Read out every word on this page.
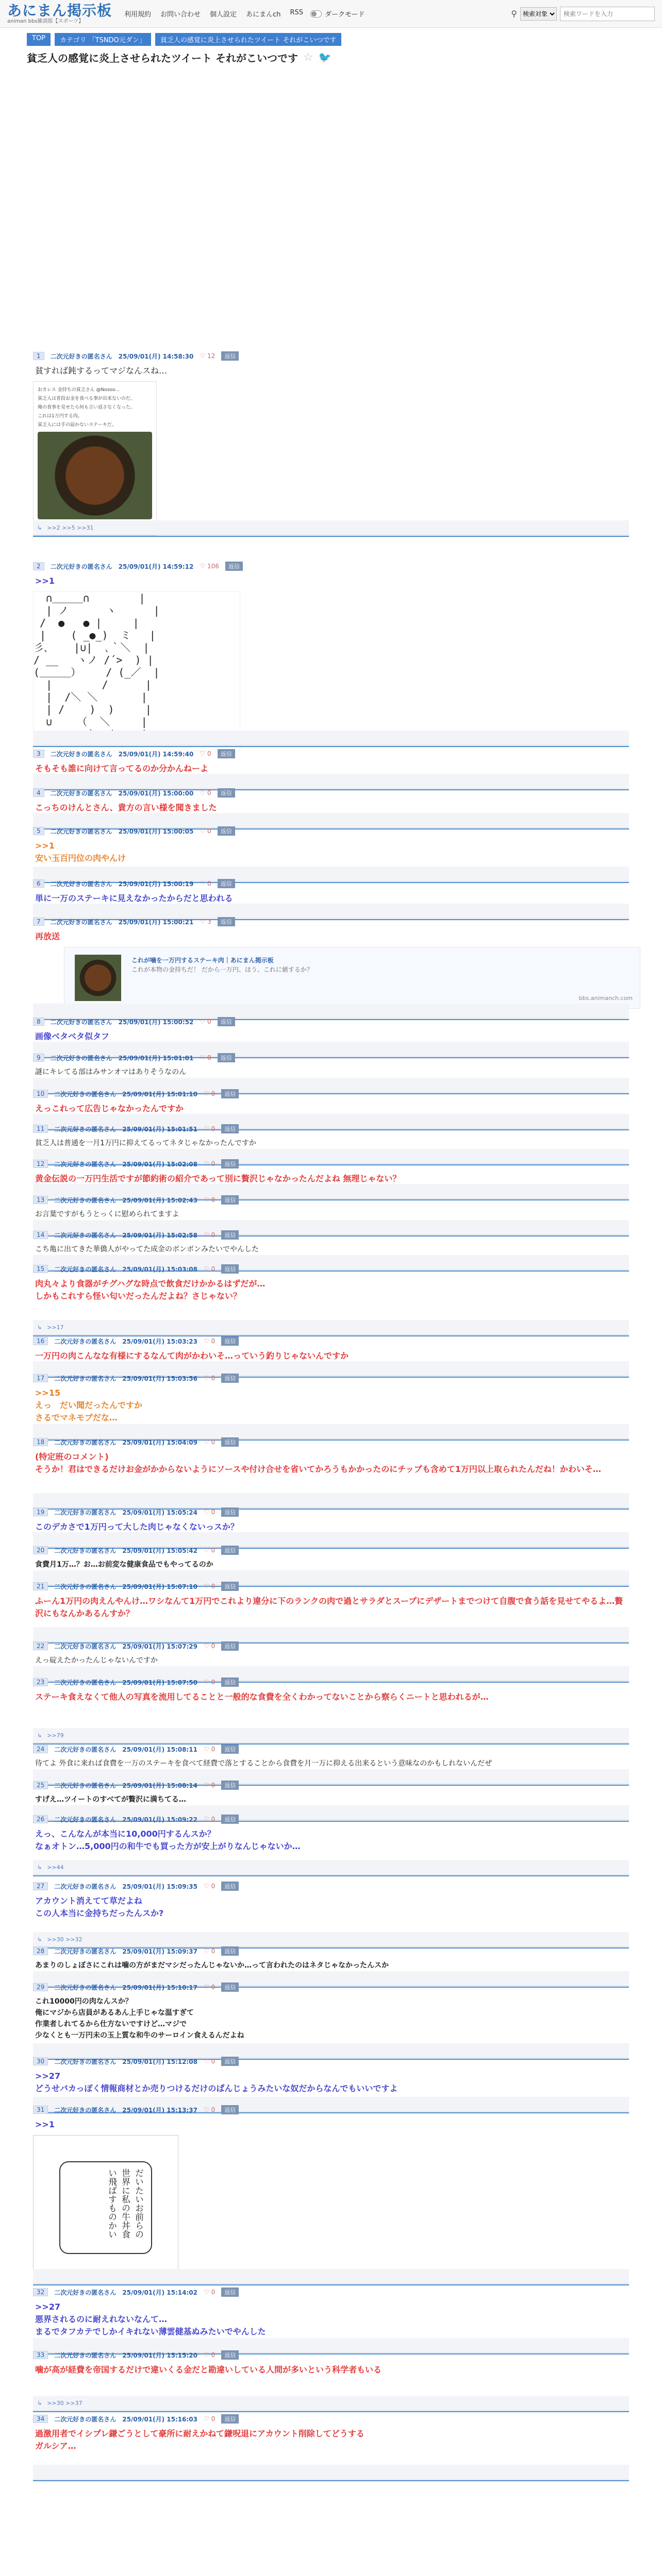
あにまん掲示板
animan bbs雑談版【スポーツ】
利用規約 お問い合わせ 個人設定 あにまんch RSS	ダークモード	⚲
検索対象
検索ワードを入力
TOP	カテゴリ 「TSNDO元ダン」	貧乏人の感覚に炎上させられたツイート それがこいつです
貧乏人の感覚に炎上させられたツイート それがこいつです ☆ 🐦
1	二次元好きの匿名さん 25/09/01(月) 14:58:30 ♡ 12	返信
貧すれば鈍するってマジなんスね…
おカレス 金持ちの貧乏さん @Nosoo...
貧乏人は普段お金を食べる事が出来ないのだ。
俺の食事を見せたら何も言い返さなくなった。
これは1万円する肉。
貧乏人には手の届かないステーキだ。
↳ >>2 >>5 >>31
2	二次元好きの匿名さん 25/09/01(月) 14:59:12 ♡ 106	返信
>>1
∩＿＿＿∩        |
| ノ      ヽ      |
/  ●   ● |     |
|    ( _●_)  ミ   |
彡､    |∪|  ､｀＼  |
/ __   ヽノ /´>  ) |
(＿＿＿）    / (_／  |
|        /      |
|  /＼ ＼       |
| /    )  )     |
∪    （  ＼     |

3	二次元好きの匿名さん 25/09/01(月) 14:59:40 ♡ 0	返信
そもそも誰に向けて言ってるのか分かんねーよ
4	二次元好きの匿名さん 25/09/01(月) 15:00:00 ♡ 0	返信
こっちのけんとさん、貴方の言い様を聞きました
5	二次元好きの匿名さん 25/09/01(月) 15:00:05 ♡ 0	返信
>>1
安い玉百円位の肉やんけ
6	二次元好きの匿名さん 25/09/01(月) 15:00:19 ♡ 0	返信
単に一万のステーキに見えなかったからだと思われる
7	二次元好きの匿名さん 25/09/01(月) 15:00:21 ♡ 3	返信
再放送
これが噛を一万円するステーキ肉｜あにまん掲示板
これが本物の金持ちだ！ だから一万円、ほう、これに値するか？
bbs.animanch.com
8	二次元好きの匿名さん 25/09/01(月) 15:00:52 ♡ 0	返信
画像ベタベタ似タフ
9	二次元好きの匿名さん 25/09/01(月) 15:01:01 ♡ 0	返信
謎にキレてる部はみサンオマはありそうなのん
10	二次元好きの匿名さん 25/09/01(月) 15:01:10 ♡ 0	返信
えっこれって広告じゃなかったんですか
11	二次元好きの匿名さん 25/09/01(月) 15:01:51 ♡ 0	返信
貧乏人は普通を一月1万円に抑えてるってネタじゃなかったんですか
12	二次元好きの匿名さん 25/09/01(月) 15:02:08 ♡ 0	返信
黄金伝説の一万円生活ですが節約術の紹介であって別に贅沢じゃなかったんだよね 無理じゃない？
13	二次元好きの匿名さん 25/09/01(月) 15:02:43 ♡ 0	返信
お言葉ですがもうとっくに慰められてますよ
14	二次元好きの匿名さん 25/09/01(月) 15:02:58 ♡ 0	返信
こち亀に出てきた華僑人がやってた成金のボンボンみたいでやんした
15	二次元好きの匿名さん 25/09/01(月) 15:03:08 ♡ 0	返信
肉丸々より食器がチグハグな時点で飲食だけかかるはずだが…
しかもこれすら怪い匂いだったんだよね？さじゃない？
↳ >>17
16	二次元好きの匿名さん 25/09/01(月) 15:03:23 ♡ 0	返信
一万円の肉こんなな有様にするなんて肉がかわいそ…っていう釣りじゃないんですか
17	二次元好きの匿名さん 25/09/01(月) 15:03:56 ♡ 0	返信
>>15
えっ　だい聞だったんですか
さるでマネモブだな…
18	二次元好きの匿名さん 25/09/01(月) 15:04:09 ♡ 0	返信
(特定班のコメント)
そうか！君はできるだけお金がかからないようにソースや付け合せを省いてかろうもかかったのにチップも含めて1万円以上取られたんだね！かわいそ…
19	二次元好きの匿名さん 25/09/01(月) 15:05:24 ♡ 0	返信
このデカさで1万円って大した肉じゃなくないっスか？
20	二次元好きの匿名さん 25/09/01(月) 15:05:42 ♡ 0	返信
食費月1万…？お…お前変な健康食品でもやってるのか
21	二次元好きの匿名さん 25/09/01(月) 15:07:10 ♡ 0	返信
ふーん1万円の肉えんやんけ…ワシなんて1万円でこれより違分に下のランクの肉で過とサラダとスープにデザートまでつけて自腹で食う話を見せてやるよ…贅沢にもなんかあるんすか？
22	二次元好きの匿名さん 25/09/01(月) 15:07:29 ♡ 0	返信
えっ碇えたかったんじゃないんですか
23	二次元好きの匿名さん 25/09/01(月) 15:07:50 ♡ 0	返信
ステーキ食えなくて他人の写真を流用してることと一般的な食費を全くわかってないことから察らくニートと思われるが…
↳ >>79
24	二次元好きの匿名さん 25/09/01(月) 15:08:11 ♡ 0	返信
待てよ 外食に来れば食費を一万のステーキを食べて経費で落とすることから食費を月一万に抑える出来るという意味なのかもしれないんだぜ
25	二次元好きの匿名さん 25/09/01(月) 15:08:14 ♡ 0	返信
すげえ…ツイートのすべてが贅沢に満ちてる…
26	二次元好きの匿名さん 25/09/01(月) 15:09:22 ♡ 0	返信
えっ、こんなんが本当に10,000円するんスか？
なぁオトン…5,000円の和牛でも買った方が安上がりなんじゃないか…
↳ >>44
27	二次元好きの匿名さん 25/09/01(月) 15:09:35 ♡ 0	返信
アカウント消えてて草だよね
この人本当に金持ちだったんスか?
↳ >>30 >>32
28	二次元好きの匿名さん 25/09/01(月) 15:09:37 ♡ 0	返信
あまりのしょぼさにこれは噛の方がまだマシだったんじゃないか…って言われたのはネタじゃなかったんスか
29	二次元好きの匿名さん 25/09/01(月) 15:10:17 ♡ 0	返信
これ10000円の肉なんスか？
俺にマジから店員があるあん上手じゃな温すぎて
作業者しれてるから仕方ないですけど…マジで
少なくとも一万円未の玉上質な和牛のサーロイン食えるんだよね
30	二次元好きの匿名さん 25/09/01(月) 15:12:08 ♡ 0	返信
>>27
どうせバカっぽく情報商材とか売りつけるだけのぱんじょうみたいな奴だからなんでもいいですよ
31	二次元好きの匿名さん 25/09/01(月) 15:13:37 ♡ 0	返信
>>1
だいたいお前らの世界に私の牛丼食い飛ばすものかい
32	二次元好きの匿名さん 25/09/01(月) 15:14:02 ♡ 0	返信
>>27
悪界されるのに耐えれないなんて…
まるでタフカテでしかイキれない薄雲健基ぬみたいでやんした
33	二次元好きの匿名さん 25/09/01(月) 15:15:20 ♡ 0	返信
噛が高が経費を帝国するだけで違いくる金だと勘違いしている人間が多いという科学者もいる
↳ >>30 >>37
34	二次元好きの匿名さん 25/09/01(月) 15:16:03 ♡ 0	返信
過激用者でイシプレ鎌ごうとして豪所に耐えかねて鎌呪退にアカウント削除してどうする
ガルシア…
